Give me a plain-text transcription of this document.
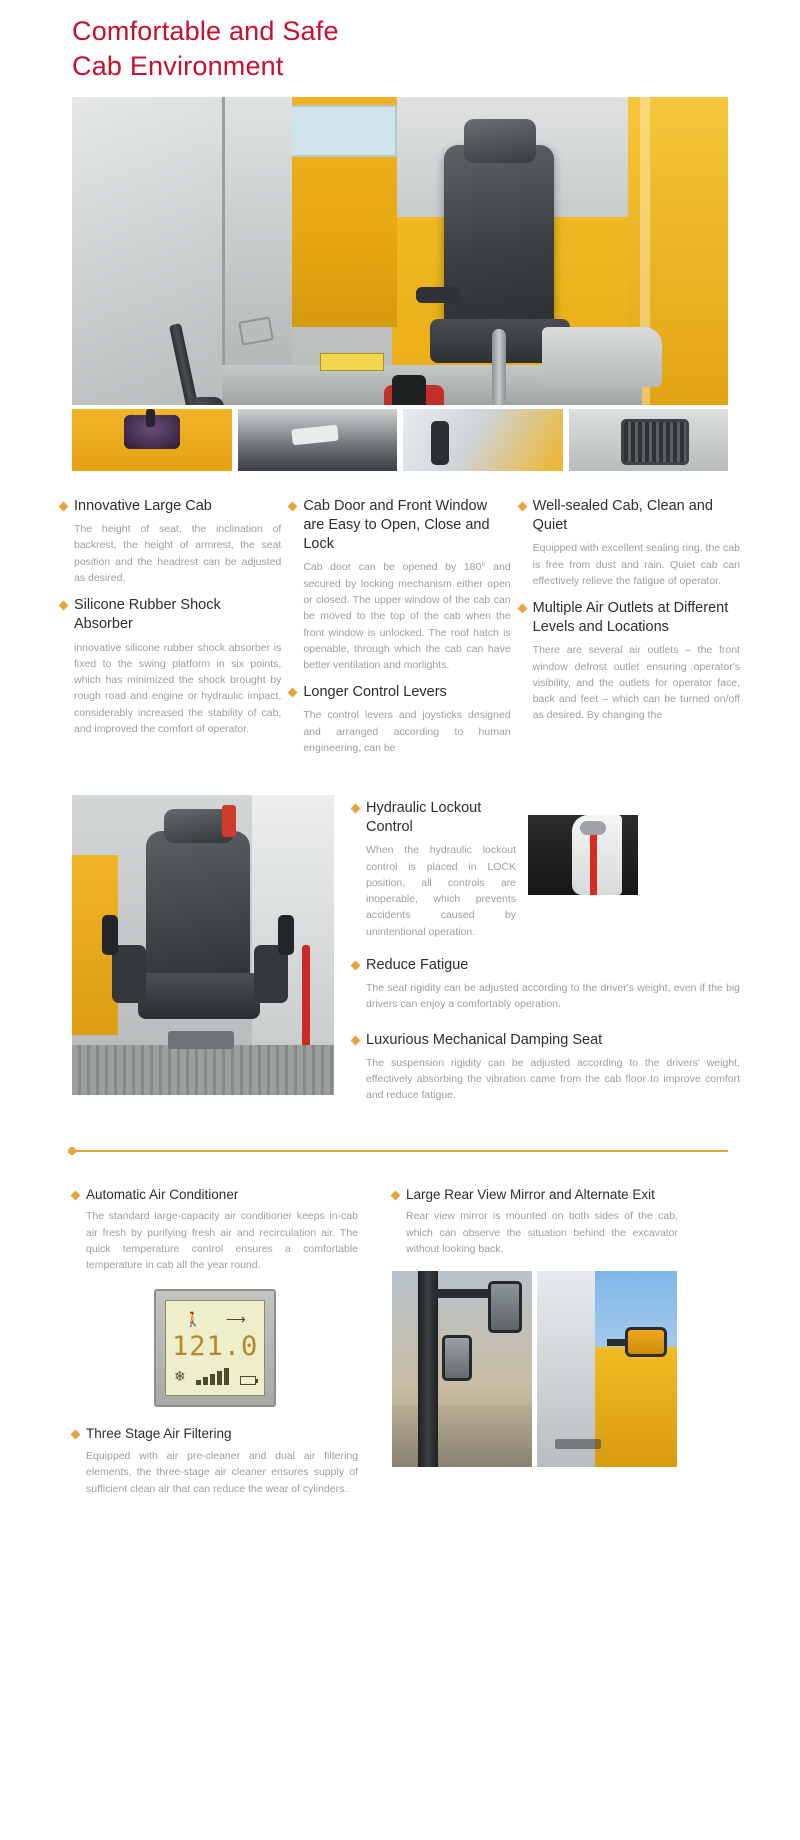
Comfortable and Safe
Cab Environment
Innovative Large Cab
The height of seat, the inclination of backrest, the height of armrest, the seat position and the headrest can be adjusted as desired.
Silicone Rubber Shock Absorber
innovative silicone rubber shock absorber is fixed to the swing platform in six points, which has minimized the shock brought by rough road and engine or hydraulic impact, considerably increased the stability of cab, and improved the comfort of operator.
Cab Door and Front Window are Easy to Open, Close and Lock
Cab door can be opened by 180° and secured by locking mechanism either open or closed. The upper window of the cab can be moved to the top of the cab when the front window is unlocked. The roof hatch is openable, through which the cab can have better ventilation and morlights.
Longer Control Levers
The control levers and joysticks designed and arranged according to human engineering, can be
Well-sealed Cab, Clean and Quiet
Equipped with excellent sealing ring, the cab is free from dust and rain. Quiet cab can effectively relieve the fatigue of operator.
Multiple Air Outlets at Different Levels and Locations
There are several air outlets – the front window defrost outlet ensuring operator's visibility, and the outlets for operator face, back and feet – which can be turned on/off as desired. By changing the
Hydraulic Lockout Control
When the hydraulic lockout control is placed in LOCK position, all controls are inoperable, which prevents accidents caused by unintentional operation.
Reduce Fatigue
The seat rigidity can be adjusted according to the driver's weight, even if the big drivers can enjoy a comfortably operation.
Luxurious Mechanical Damping Seat
The suspension rigidity can be adjusted according to the drivers' weight, effectively absorbing the vibration came from the cab floor to improve comfort and reduce fatigue.
Automatic Air Conditioner
The standard large-capacity air conditioner keeps in-cab air fresh by purifying fresh air and recirculation air. The quick temperature control ensures a comfortable temperature in cab all the year round.
🚶 ⟶
121.0
❄
Three Stage Air Filtering
Equipped with air pre-cleaner and dual air filtering elements, the three-stage air cleaner ensures supply of sufficient clean air that can reduce the wear of cylinders.
Large Rear View Mirror and Alternate Exit
Rear view mirror is mounted on both sides of the cab, which can observe the situation behind the excavator without looking back.
